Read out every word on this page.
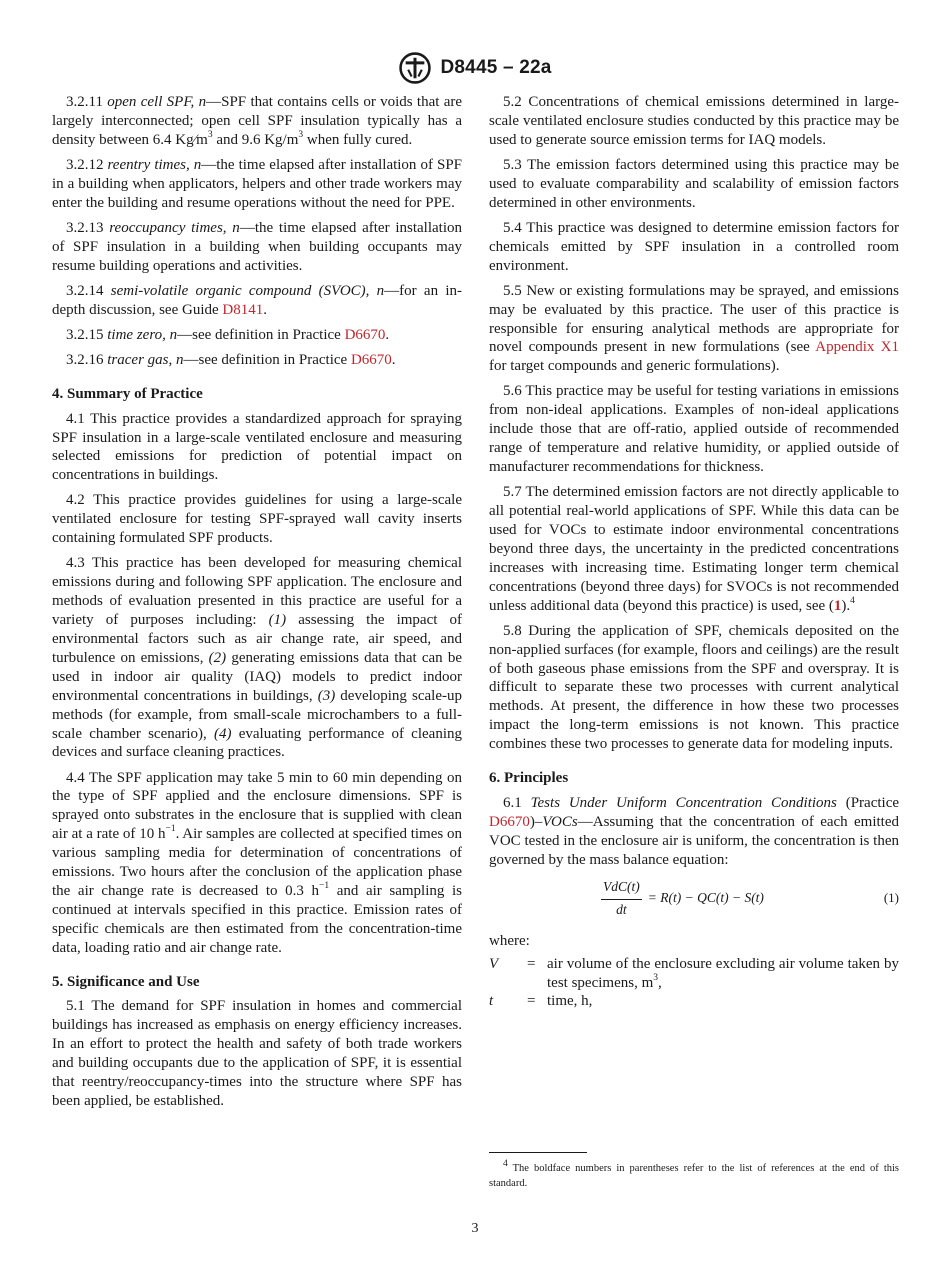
D8445 – 22a

3.2.11 open cell SPF, n—SPF that contains cells or voids that are largely interconnected; open cell SPF insulation typically has a density between 6.4 $Kg⁄m^3$ and 9.6 $Kg/m^3$ when fully cured.

3.2.12 reentry times, n—the time elapsed after installation of SPF in a building when applicators, helpers and other trade workers may enter the building and resume operations without the need for PPE.

3.2.13 reoccupancy times, n—the time elapsed after installation of SPF insulation in a building when building occupants may resume building operations and activities.

3.2.14 semi-volatile organic compound (SVOC), n—for an in-depth discussion, see Guide D8141.

3.2.15 time zero, n—see definition in Practice D6670.

3.2.16 tracer gas, n—see definition in Practice D6670.

4. Summary of Practice

4.1 This practice provides a standardized approach for spraying SPF insulation in a large-scale ventilated enclosure and measuring selected emissions for prediction of potential impact on concentrations in buildings.

4.2 This practice provides guidelines for using a large-scale ventilated enclosure for testing SPF-sprayed wall cavity inserts containing formulated SPF products.

4.3 This practice has been developed for measuring chemical emissions during and following SPF application. The enclosure and methods of evaluation presented in this practice are useful for a variety of purposes including: (1) assessing the impact of environmental factors such as air change rate, air speed, and turbulence on emissions, (2) generating emissions data that can be used in indoor air quality (IAQ) models to predict indoor environmental concentrations in buildings, (3) developing scale-up methods (for example, from small-scale microchambers to a full-scale chamber scenario), (4) evaluating performance of cleaning devices and surface cleaning practices.

4.4 The SPF application may take 5 min to 60 min depending on the type of SPF applied and the enclosure dimensions. SPF is sprayed onto substrates in the enclosure that is supplied with clean air at a rate of 10 $h^{-1}$. Air samples are collected at specified times on various sampling media for determination of concentrations of emissions. Two hours after the conclusion of the application phase the air change rate is decreased to 0.3 $h^{-1}$ and air sampling is continued at intervals specified in this practice. Emission rates of specific chemicals are then estimated from the concentration-time data, loading ratio and air change rate.

5. Significance and Use

5.1 The demand for SPF insulation in homes and commercial buildings has increased as emphasis on energy efficiency increases. In an effort to protect the health and safety of both trade workers and building occupants due to the application of SPF, it is essential that reentry/reoccupancy-times into the structure where SPF has been applied, be established.

5.2 Concentrations of chemical emissions determined in large-scale ventilated enclosure studies conducted by this practice may be used to generate source emission terms for IAQ models.

5.3 The emission factors determined using this practice may be used to evaluate comparability and scalability of emission factors determined in other environments.

5.4 This practice was designed to determine emission factors for chemicals emitted by SPF insulation in a controlled room environment.

5.5 New or existing formulations may be sprayed, and emissions may be evaluated by this practice. The user of this practice is responsible for ensuring analytical methods are appropriate for novel compounds present in new formulations (see Appendix X1 for target compounds and generic formulations).

5.6 This practice may be useful for testing variations in emissions from non-ideal applications. Examples of non-ideal applications include those that are off-ratio, applied outside of recommended range of temperature and relative humidity, or applied outside of manufacturer recommendations for thickness.

5.7 The determined emission factors are not directly applicable to all potential real-world applications of SPF. While this data can be used for VOCs to estimate indoor environmental concentrations beyond three days, the uncertainty in the predicted concentrations increases with increasing time. Estimating longer term chemical concentrations (beyond three days) for SVOCs is not recommended unless additional data (beyond this practice) is used, see (1).$^4$

5.8 During the application of SPF, chemicals deposited on the non-applied surfaces (for example, floors and ceilings) are the result of both gaseous phase emissions from the SPF and overspray. It is difficult to separate these two processes with current analytical methods. At present, the difference in how these two processes impact the long-term emissions is not known. This practice combines these two processes to generate data for modeling inputs.

6. Principles

6.1 Tests Under Uniform Concentration Conditions (Practice D6670)–VOCs—Assuming that the concentration of each emitted VOC tested in the enclosure air is uniform, the concentration is then governed by the mass balance equation:

$\frac{\text{VdC(t)}}{dt} = R(t) - QC(t) - S(t)$	(1)
where:
V	=	air volume of the enclosure excluding air volume taken by test specimens, $m^3$,
t	=	time, h,
$^4$ The boldface numbers in parentheses refer to the list of references at the end of this standard.
3
